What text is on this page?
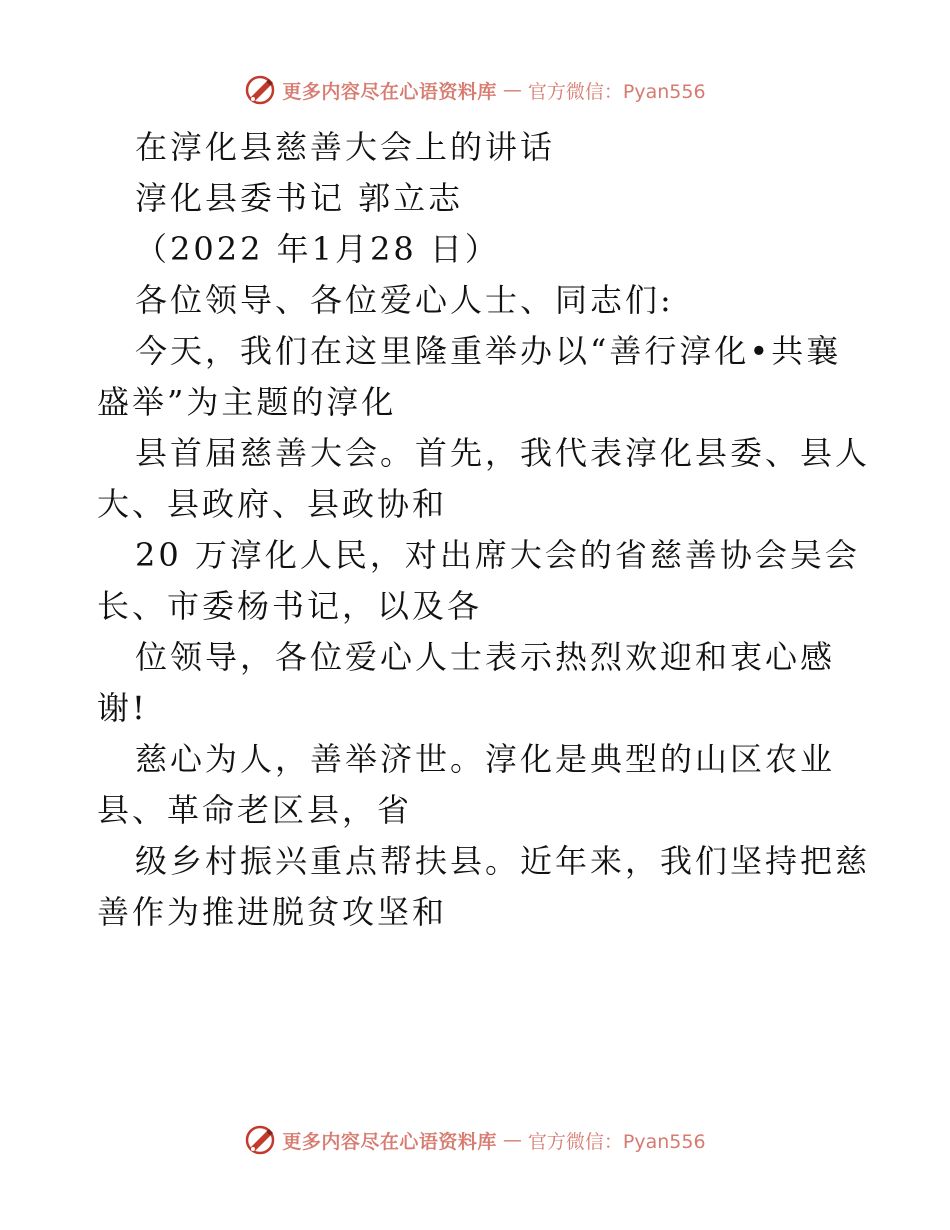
更多内容尽在心语资料库 — 官方微信：Pyan556
在淳化县慈善大会上的讲话
淳化县委书记 郭立志
（2022 年1月28 日）
各位领导、各位爱心人士、同志们:
今天，我们在这里隆重举办以“善行淳化•共襄
盛举”为主题的淳化
县首届慈善大会。首先，我代表淳化县委、县人
大、县政府、县政协和
20 万淳化人民，对出席大会的省慈善协会吴会
长、市委杨书记，以及各
位领导，各位爱心人士表示热烈欢迎和衷心感
谢!
慈心为人，善举济世。淳化是典型的山区农业
县、革命老区县，省
级乡村振兴重点帮扶县。近年来，我们坚持把慈
善作为推进脱贫攻坚和
更多内容尽在心语资料库 — 官方微信：Pyan556
